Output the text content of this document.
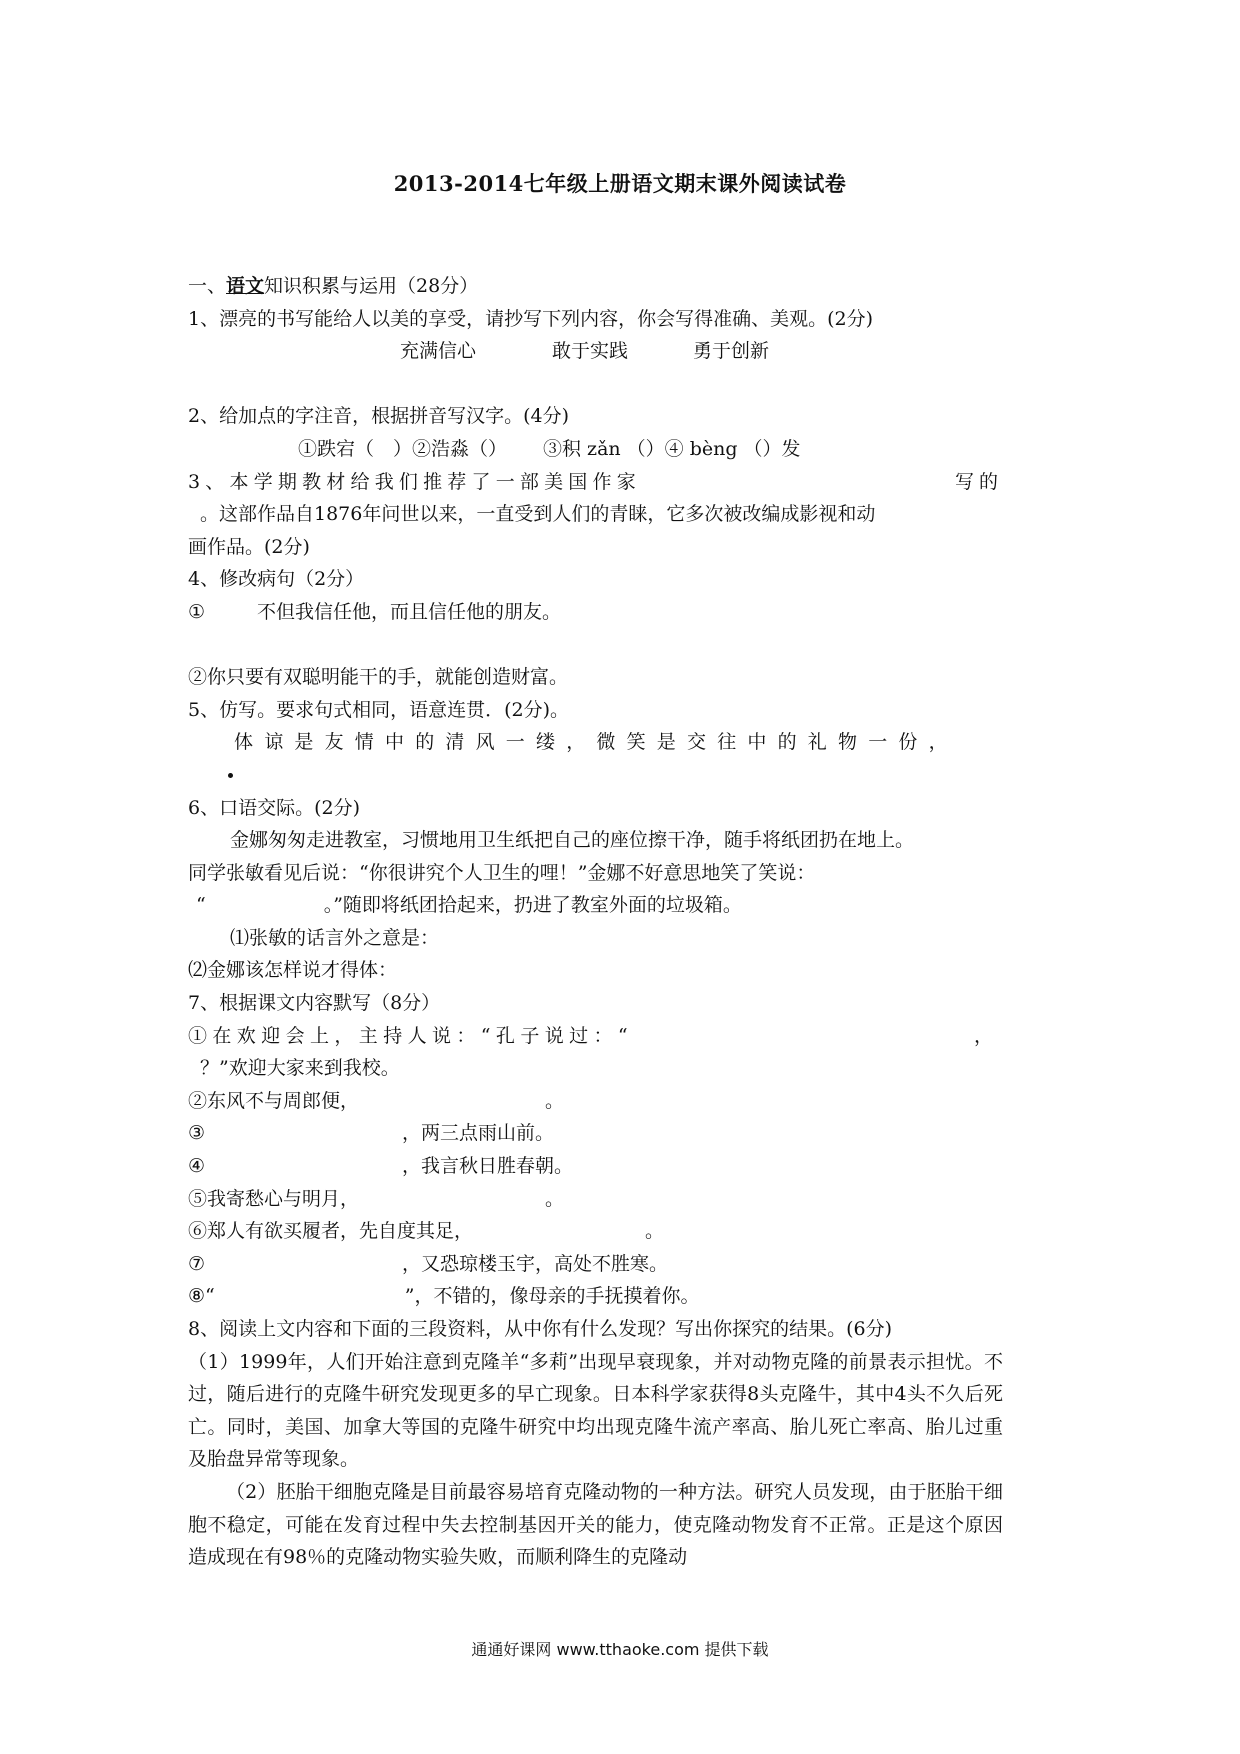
2013-2014七年级上册语文期末课外阅读试卷
一、语文知识积累与运用（28分）
1、漂亮的书写能给人以美的享受，请抄写下列内容，你会写得准确、美观。(2分)
充满信心	敢于实践	勇于创新
2、给加点的字注音，根据拼音写汉字。(4分)
①跌宕（　）②浩淼（） ③积 zǎn （）④ bèng （）发
3、本学期教材给我们推荐了一部美国作家	写的
。这部作品自1876年问世以来，一直受到人们的青睐，它多次被改编成影视和动
画作品。(2分)
4、修改病句（2分）
①	不但我信任他，而且信任他的朋友。
②你只要有双聪明能干的手，就能创造财富。
5、仿写。要求句式相同，语意连贯．(2分)。
体谅是友情中的清风一缕，微笑是交往中的礼物一份，
6、口语交际。(2分)
金娜匆匆走进教室，习惯地用卫生纸把自己的座位擦干净，随手将纸团扔在地上。
同学张敏看见后说：“你很讲究个人卫生的哩！”金娜不好意思地笑了笑说：
“	。”随即将纸团拾起来，扔进了教室外面的垃圾箱。
⑴张敏的话言外之意是：
⑵金娜该怎样说才得体：
7、根据课文内容默写（8分）
①在欢迎会上，主持人说：“孔子说过：“	，
？”欢迎大家来到我校。
②东风不与周郎便，	。
③	，两三点雨山前。
④	，我言秋日胜春朝。
⑤我寄愁心与明月，	。
⑥郑人有欲买履者，先自度其足，	。
⑦	，又恐琼楼玉宇，高处不胜寒。
⑧“	”，不错的，像母亲的手抚摸着你。
8、阅读上文内容和下面的三段资料，从中你有什么发现？写出你探究的结果。(6分)
（1）1999年，人们开始注意到克隆羊“多莉”出现早衰现象，并对动物克隆的前景表示担忧。不过，随后进行的克隆牛研究发现更多的早亡现象。日本科学家获得8头克隆牛，其中4头不久后死亡。同时，美国、加拿大等国的克隆牛研究中均出现克隆牛流产率高、胎儿死亡率高、胎儿过重及胎盘异常等现象。
（2）胚胎干细胞克隆是目前最容易培育克隆动物的一种方法。研究人员发现，由于胚胎干细胞不稳定，可能在发育过程中失去控制基因开关的能力，使克隆动物发育不正常。正是这个原因造成现在有98％的克隆动物实验失败，而顺利降生的克隆动
通通好课网 www.tthaoke.com 提供下载
